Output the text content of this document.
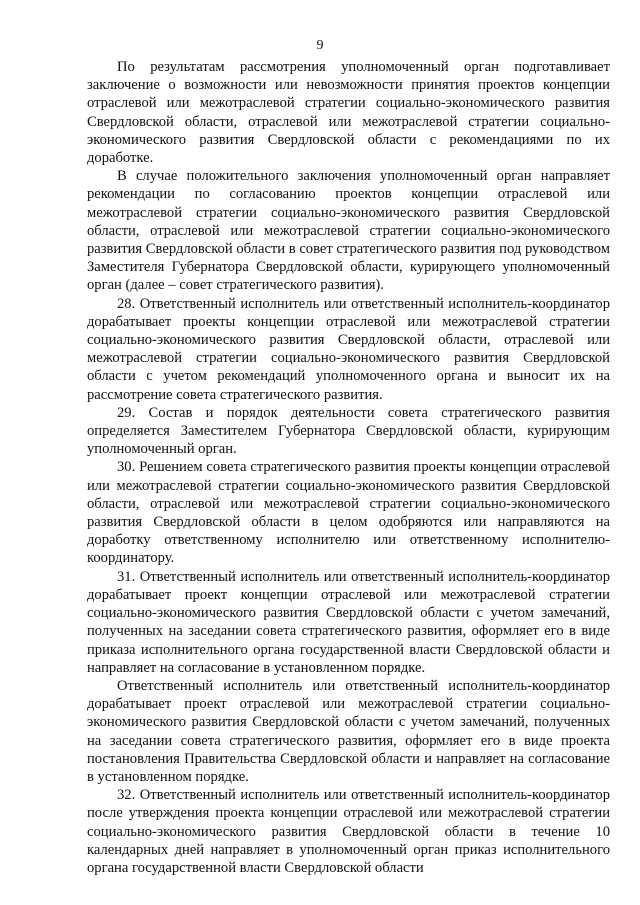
9

По результатам рассмотрения уполномоченный орган подготавливает заключение о возможности или невозможности принятия проектов концепции отраслевой или межотраслевой стратегии социально-экономического развития Свердловской области, отраслевой или межотраслевой стратегии социально-экономического развития Свердловской области с рекомендациями по их доработке.

В случае положительного заключения уполномоченный орган направляет рекомендации по согласованию проектов концепции отраслевой или межотраслевой стратегии социально-экономического развития Свердловской области, отраслевой или межотраслевой стратегии социально-экономического развития Свердловской области в совет стратегического развития под руководством Заместителя Губернатора Свердловской области, курирующего уполномоченный орган (далее – совет стратегического развития).

28. Ответственный исполнитель или ответственный исполнитель-координатор дорабатывает проекты концепции отраслевой или межотраслевой стратегии социально-экономического развития Свердловской области, отраслевой или межотраслевой стратегии социально-экономического развития Свердловской области с учетом рекомендаций уполномоченного органа и выносит их на рассмотрение совета стратегического развития.

29. Состав и порядок деятельности совета стратегического развития определяется Заместителем Губернатора Свердловской области, курирующим уполномоченный орган.

30. Решением совета стратегического развития проекты концепции отраслевой или межотраслевой стратегии социально-экономического развития Свердловской области, отраслевой или межотраслевой стратегии социально-экономического развития Свердловской области в целом одобряются или направляются на доработку ответственному исполнителю или ответственному исполнителю-координатору.

31. Ответственный исполнитель или ответственный исполнитель-координатор дорабатывает проект концепции отраслевой или межотраслевой стратегии социально-экономического развития Свердловской области с учетом замечаний, полученных на заседании совета стратегического развития, оформляет его в виде приказа исполнительного органа государственной власти Свердловской области и направляет на согласование в установленном порядке.

Ответственный исполнитель или ответственный исполнитель-координатор дорабатывает проект отраслевой или межотраслевой стратегии социально-экономического развития Свердловской области с учетом замечаний, полученных на заседании совета стратегического развития, оформляет его в виде проекта постановления Правительства Свердловской области и направляет на согласование в установленном порядке.

32. Ответственный исполнитель или ответственный исполнитель-координатор после утверждения проекта концепции отраслевой или межотраслевой стратегии социально-экономического развития Свердловской области в течение 10 календарных дней направляет в уполномоченный орган приказ исполнительного органа государственной власти Свердловской области
